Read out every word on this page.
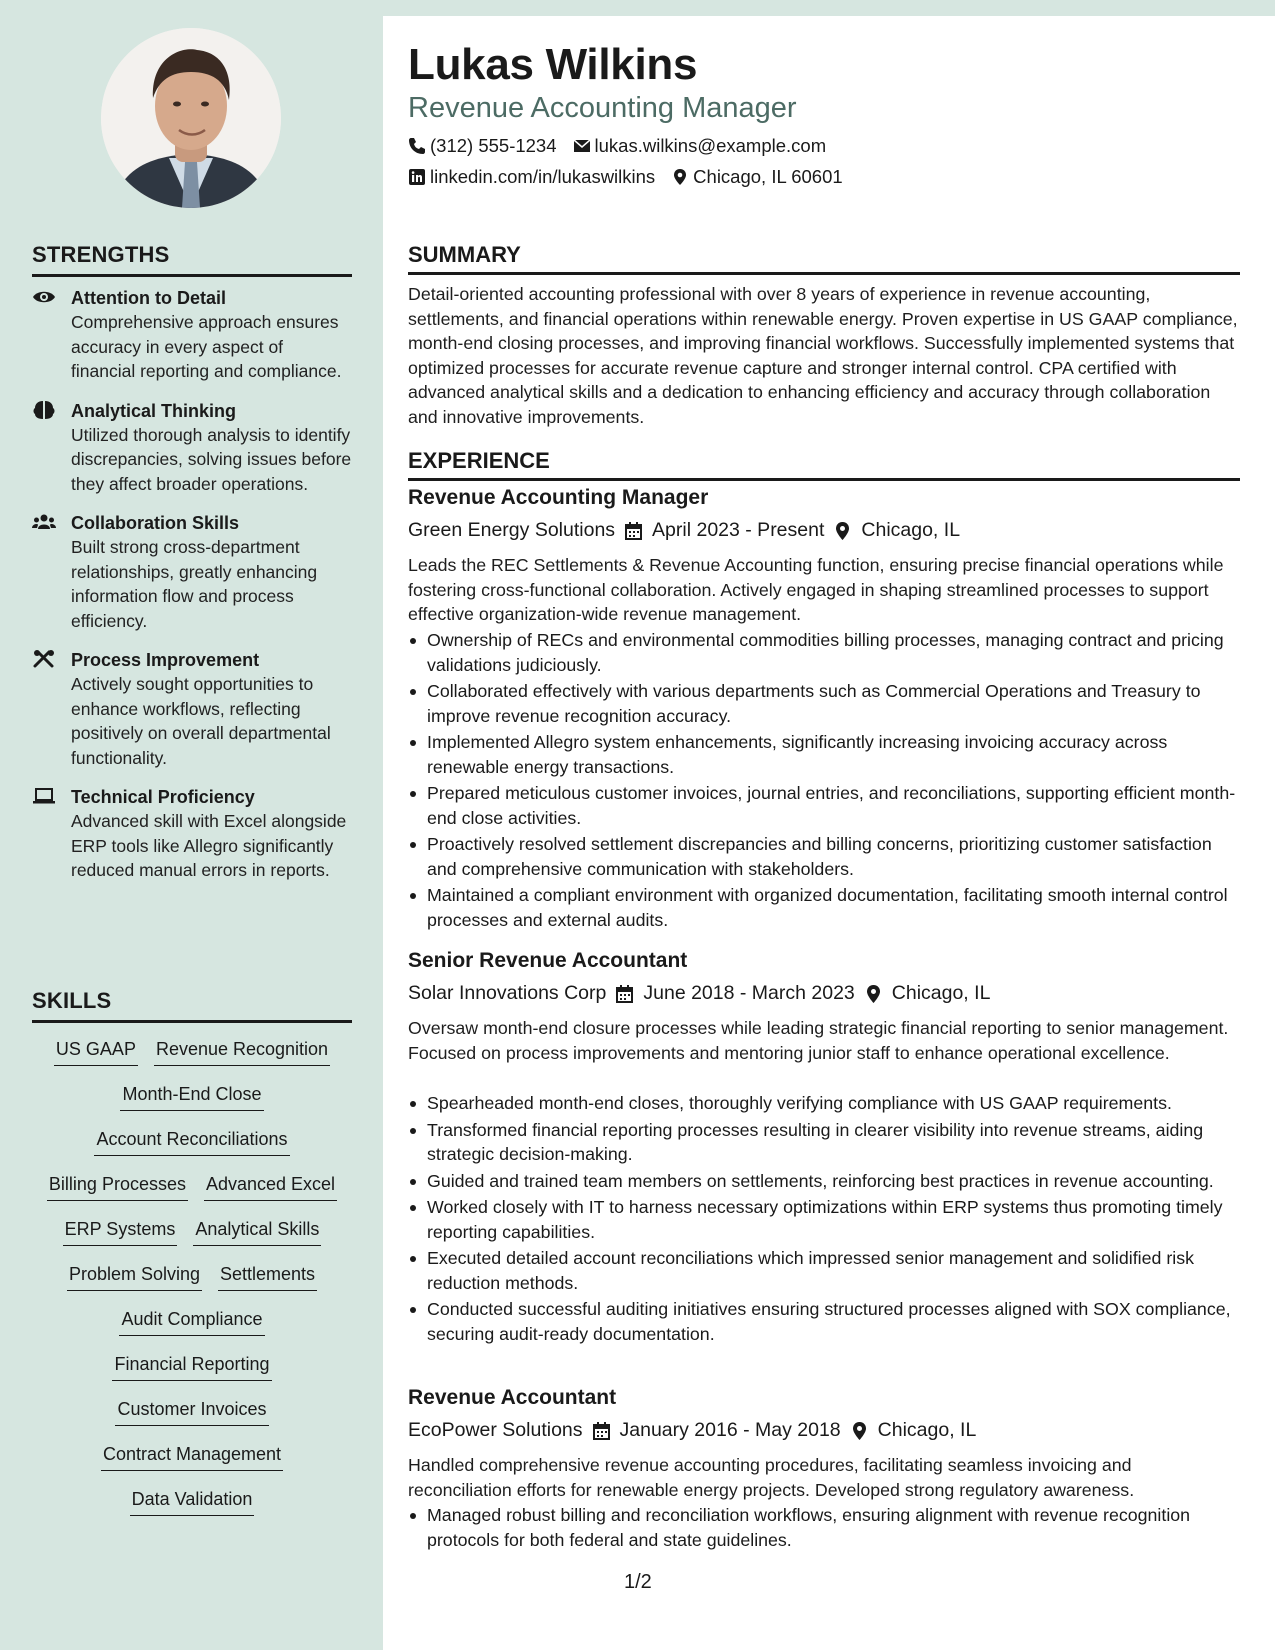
STRENGTHS
Attention to Detail
Comprehensive approach ensures accuracy in every aspect of financial reporting and compliance.
Analytical Thinking
Utilized thorough analysis to identify discrepancies, solving issues before they affect broader operations.
Collaboration Skills
Built strong cross-department relationships, greatly enhancing information flow and process efficiency.
Process Improvement
Actively sought opportunities to enhance workflows, reflecting positively on overall departmental functionality.
Technical Proficiency
Advanced skill with Excel alongside ERP tools like Allegro significantly reduced manual errors in reports.
SKILLS
US GAAP Revenue Recognition
Month-End Close
Account Reconciliations
Billing Processes Advanced Excel
ERP Systems Analytical Skills
Problem Solving Settlements
Audit Compliance
Financial Reporting
Customer Invoices
Contract Management
Data Validation
Lukas Wilkins
Revenue Accounting Manager
(312) 555-1234 lukas.wilkins@example.com
linkedin.com/in/lukaswilkins Chicago, IL 60601
SUMMARY

Detail-oriented accounting professional with over 8 years of experience in revenue accounting, settlements, and financial operations within renewable energy. Proven expertise in US GAAP compliance, month-end closing processes, and improving financial workflows. Successfully implemented systems that optimized processes for accurate revenue capture and stronger internal control. CPA certified with advanced analytical skills and a dedication to enhancing efficiency and accuracy through collaboration and innovative improvements.

EXPERIENCE
Revenue Accounting Manager
Green Energy Solutions April 2023 - Present Chicago, IL

Leads the REC Settlements & Revenue Accounting function, ensuring precise financial operations while fostering cross-functional collaboration. Actively engaged in shaping streamlined processes to support effective organization-wide revenue management.

Ownership of RECs and environmental commodities billing processes, managing contract and pricing validations judiciously.
Collaborated effectively with various departments such as Commercial Operations and Treasury to improve revenue recognition accuracy.
Implemented Allegro system enhancements, significantly increasing invoicing accuracy across renewable energy transactions.
Prepared meticulous customer invoices, journal entries, and reconciliations, supporting efficient month-end close activities.
Proactively resolved settlement discrepancies and billing concerns, prioritizing customer satisfaction and comprehensive communication with stakeholders.
Maintained a compliant environment with organized documentation, facilitating smooth internal control processes and external audits.
Senior Revenue Accountant
Solar Innovations Corp June 2018 - March 2023 Chicago, IL

Oversaw month-end closure processes while leading strategic financial reporting to senior management. Focused on process improvements and mentoring junior staff to enhance operational excellence.

Spearheaded month-end closes, thoroughly verifying compliance with US GAAP requirements.
Transformed financial reporting processes resulting in clearer visibility into revenue streams, aiding strategic decision-making.
Guided and trained team members on settlements, reinforcing best practices in revenue accounting.
Worked closely with IT to harness necessary optimizations within ERP systems thus promoting timely reporting capabilities.
Executed detailed account reconciliations which impressed senior management and solidified risk reduction methods.
Conducted successful auditing initiatives ensuring structured processes aligned with SOX compliance, securing audit-ready documentation.
Revenue Accountant
EcoPower Solutions January 2016 - May 2018 Chicago, IL

Handled comprehensive revenue accounting procedures, facilitating seamless invoicing and reconciliation efforts for renewable energy projects. Developed strong regulatory awareness.

Managed robust billing and reconciliation workflows, ensuring alignment with revenue recognition protocols for both federal and state guidelines.
1/2
